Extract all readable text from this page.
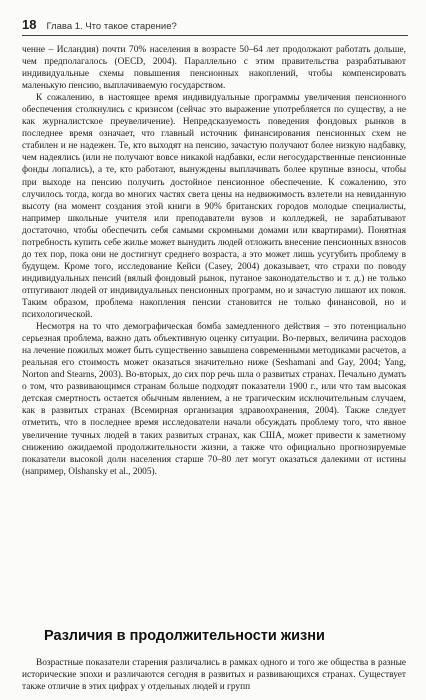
18 Глава 1. Что такое старение?

ченне – Исландия) почти 70% населения в возрасте 50–64 лет продолжают работать дольше, чем предполагалось (OECD, 2004). Параллельно с этим правительства разрабатывают индивидуальные схемы повышения пенсионных накоплений, чтобы компенсировать маленькую пенсию, выплачиваемую государством.

К сожалению, в настоящее время индивидуальные программы увеличения пенсионного обеспечения столкнулись с кризисом (сейчас это выражение употребляется по существу, а не как журналистское преувеличение). Непредсказуемость поведения фондовых рынков в последнее время означает, что главный источник финансирования пенсионных схем не стабилен и не надежен. Те, кто выходят на пенсию, зачастую получают более низкую надбавку, чем надеялись (или не получают вовсе никакой надбавки, если негосударственные пенсионные фонды лопались), а те, кто работают, вынуждены выплачивать более крупные взносы, чтобы при выходе на пенсию получить достойное пенсионное обеспечение. К сожалению, это случилось тогда, когда во многих частях света цены на недвижимость взлетели на невиданную высоту (на момент создания этой книги в 90% британских городов молодые специалисты, например школьные учителя или преподаватели вузов и колледжей, не зарабатывают достаточно, чтобы обеспечить себя самыми скромными домами или квартирами). Понятная потребность купить себе жилье может вынудить людей отложить внесение пенсионных взносов до тех пор, пока они не достигнут среднего возраста, а это может лишь усугубить проблему в будущем. Кроме того, исследование Кейси (Casey, 2004) доказывает, что страхи по поводу индивидуальных пенсий (вялый фондовый рынок, путаное законодательство и т. д.) не только отпугивают людей от индивидуальных пенсионных программ, но и зачастую лишают их покоя. Таким образом, проблема накопления пенсии становится не только финансовой, но и психологической.

Несмотря на то что демографическая бомба замедленного действия – это потенциально серьезная проблема, важно дать объективную оценку ситуации. Во-первых, величина расходов на лечение пожилых может быть существенно завышена современными методиками расчетов, а реальная его стоимость может оказаться значительно ниже (Seshamani and Gay, 2004; Yang, Norton and Stearns, 2003). Во-вторых, до сих пор речь шла о развитых странах. Печально думать о том, что развивающимся странам больше подходят показатели 1900 г., или что там высокая детская смертность остается обычным явлением, а не трагическим исключительным случаем, как в развитых странах (Всемирная организация здравоохранения, 2004). Также следует отметить, что в последнее время исследователи начали обсуждать проблему того, что явное увеличение тучных людей в таких развитых странах, как США, может привести к заметному снижению ожидаемой продолжительности жизни, а также что официально прогнозируемые показатели высокой доли населения старше 70–80 лет могут оказаться далекими от истины (например, Olshansky et al., 2005).

Различия в продолжительности жизни

Возрастные показатели старения различались в рамках одного и того же общества в разные исторические эпохи и различаются сегодня в развитых и развивающихся странах. Существует также отличие в этих цифрах у отдельных людей и групп
